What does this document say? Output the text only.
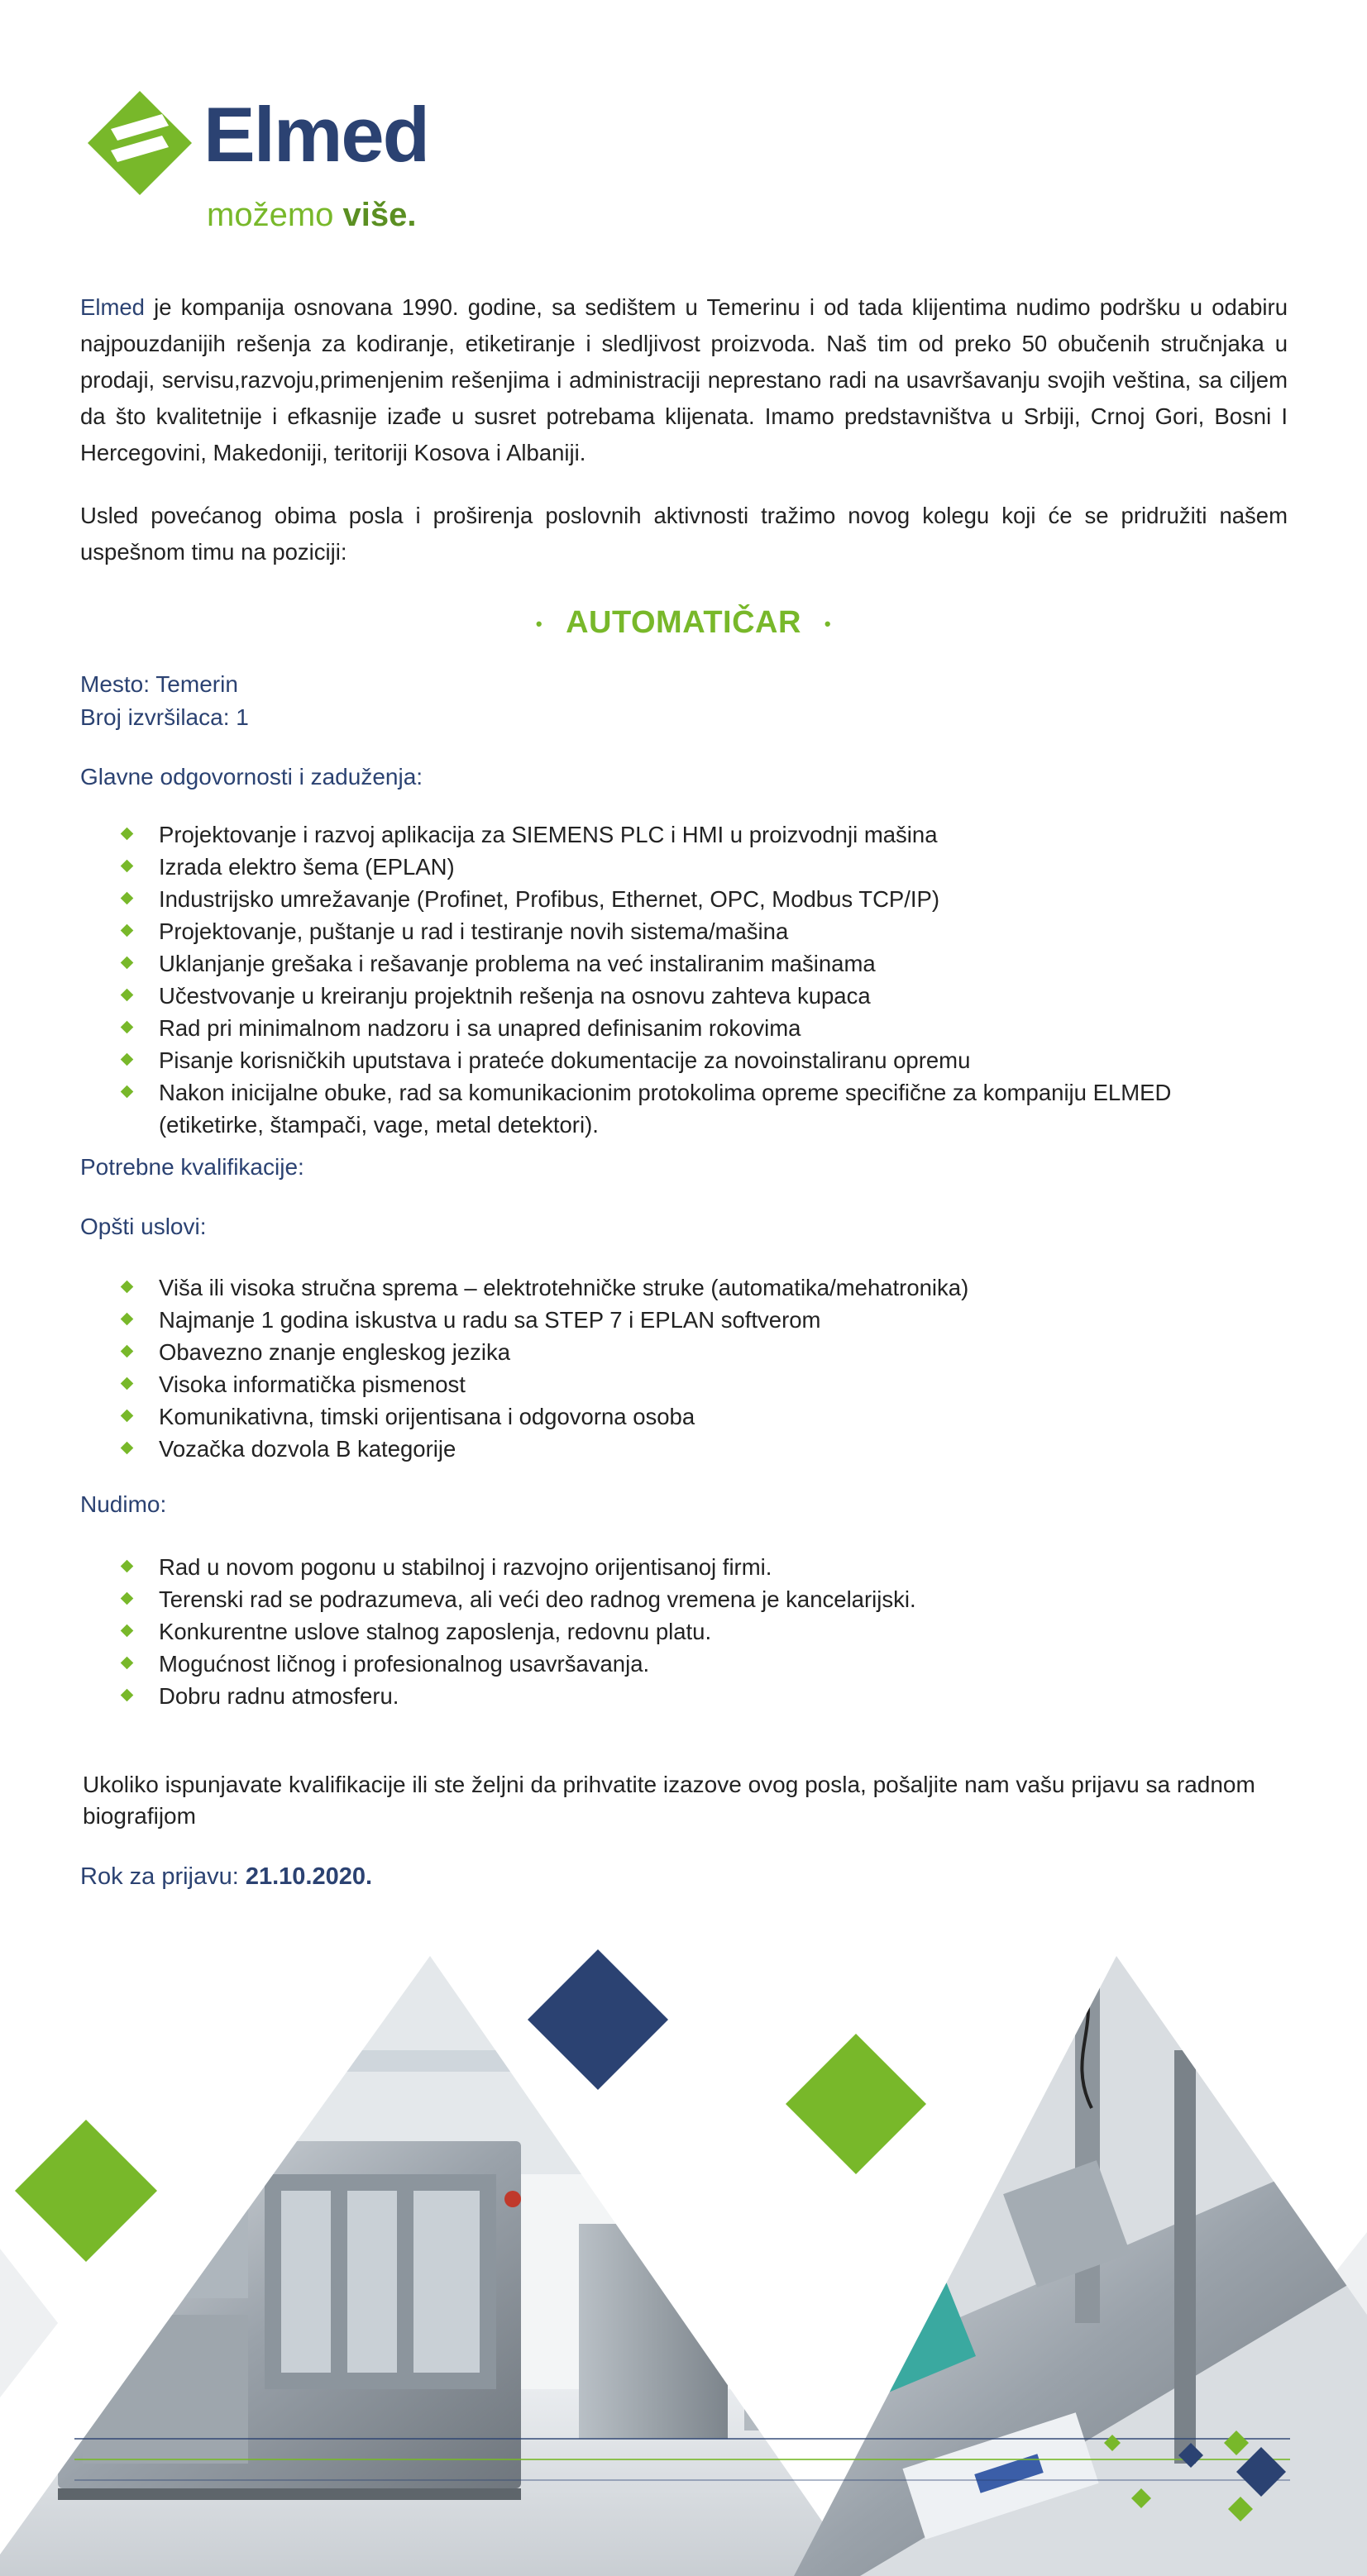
Elmed
možemo više.
Elmed je kompanija osnovana 1990. godine, sa sedištem u Temerinu i od tada klijentima nudimo podršku u odabiru najpouzdanijih rešenja za kodiranje, etiketiranje i sledljivost proizvoda. Naš tim od preko 50 obučenih stručnjaka u prodaji, servisu,razvoju,primenjenim rešenjima i administraciji neprestano radi na usavršavanju svojih veština, sa ciljem da što kvalitetnije i efkasnije izađe u susret potrebama klijenata. Imamo predstavništva u Srbiji, Crnoj Gori, Bosni I Hercegovini, Makedoniji, teritoriji Kosova i Albaniji.
Usled povećanog obima posla i proširenja poslovnih aktivnosti tražimo novog kolegu koji će se pridružiti našem uspešnom timu na poziciji:
• AUTOMATIČAR •
Mesto: Temerin
Broj izvršilaca: 1
Glavne odgovornosti i zaduženja:
Projektovanje i razvoj aplikacija za SIEMENS PLC i HMI u proizvodnji mašina
Izrada elektro šema (EPLAN)
Industrijsko umrežavanje (Profinet, Profibus, Ethernet, OPC, Modbus TCP/IP)
Projektovanje, puštanje u rad i testiranje novih sistema/mašina
Uklanjanje grešaka i rešavanje problema na već instaliranim mašinama
Učestvovanje u kreiranju projektnih rešenja na osnovu zahteva kupaca
Rad pri minimalnom nadzoru i sa unapred definisanim rokovima
Pisanje korisničkih uputstava i prateće dokumentacije za novoinstaliranu opremu
Nakon inicijalne obuke, rad sa komunikacionim protokolima opreme specifične za kompaniju ELMED (etiketirke, štampači, vage, metal detektori).
Potrebne kvalifikacije:
Opšti uslovi:
Viša ili visoka stručna sprema – elektrotehničke struke (automatika/mehatronika)
Najmanje 1 godina iskustva u radu sa STEP 7 i EPLAN softverom
Obavezno znanje engleskog jezika
Visoka informatička pismenost
Komunikativna, timski orijentisana i odgovorna osoba
Vozačka dozvola B kategorije
Nudimo:
Rad u novom pogonu u stabilnoj i razvojno orijentisanoj firmi.
Terenski rad se podrazumeva, ali veći deo radnog vremena je kancelarijski.
Konkurentne uslove stalnog zaposlenja, redovnu platu.
Mogućnost ličnog i profesionalnog usavršavanja.
Dobru radnu atmosferu.
Ukoliko ispunjavate kvalifikacije ili ste željni da prihvatite izazove ovog posla, pošaljite nam vašu prijavu sa radnom biografijom
Rok za prijavu: 21.10.2020.
